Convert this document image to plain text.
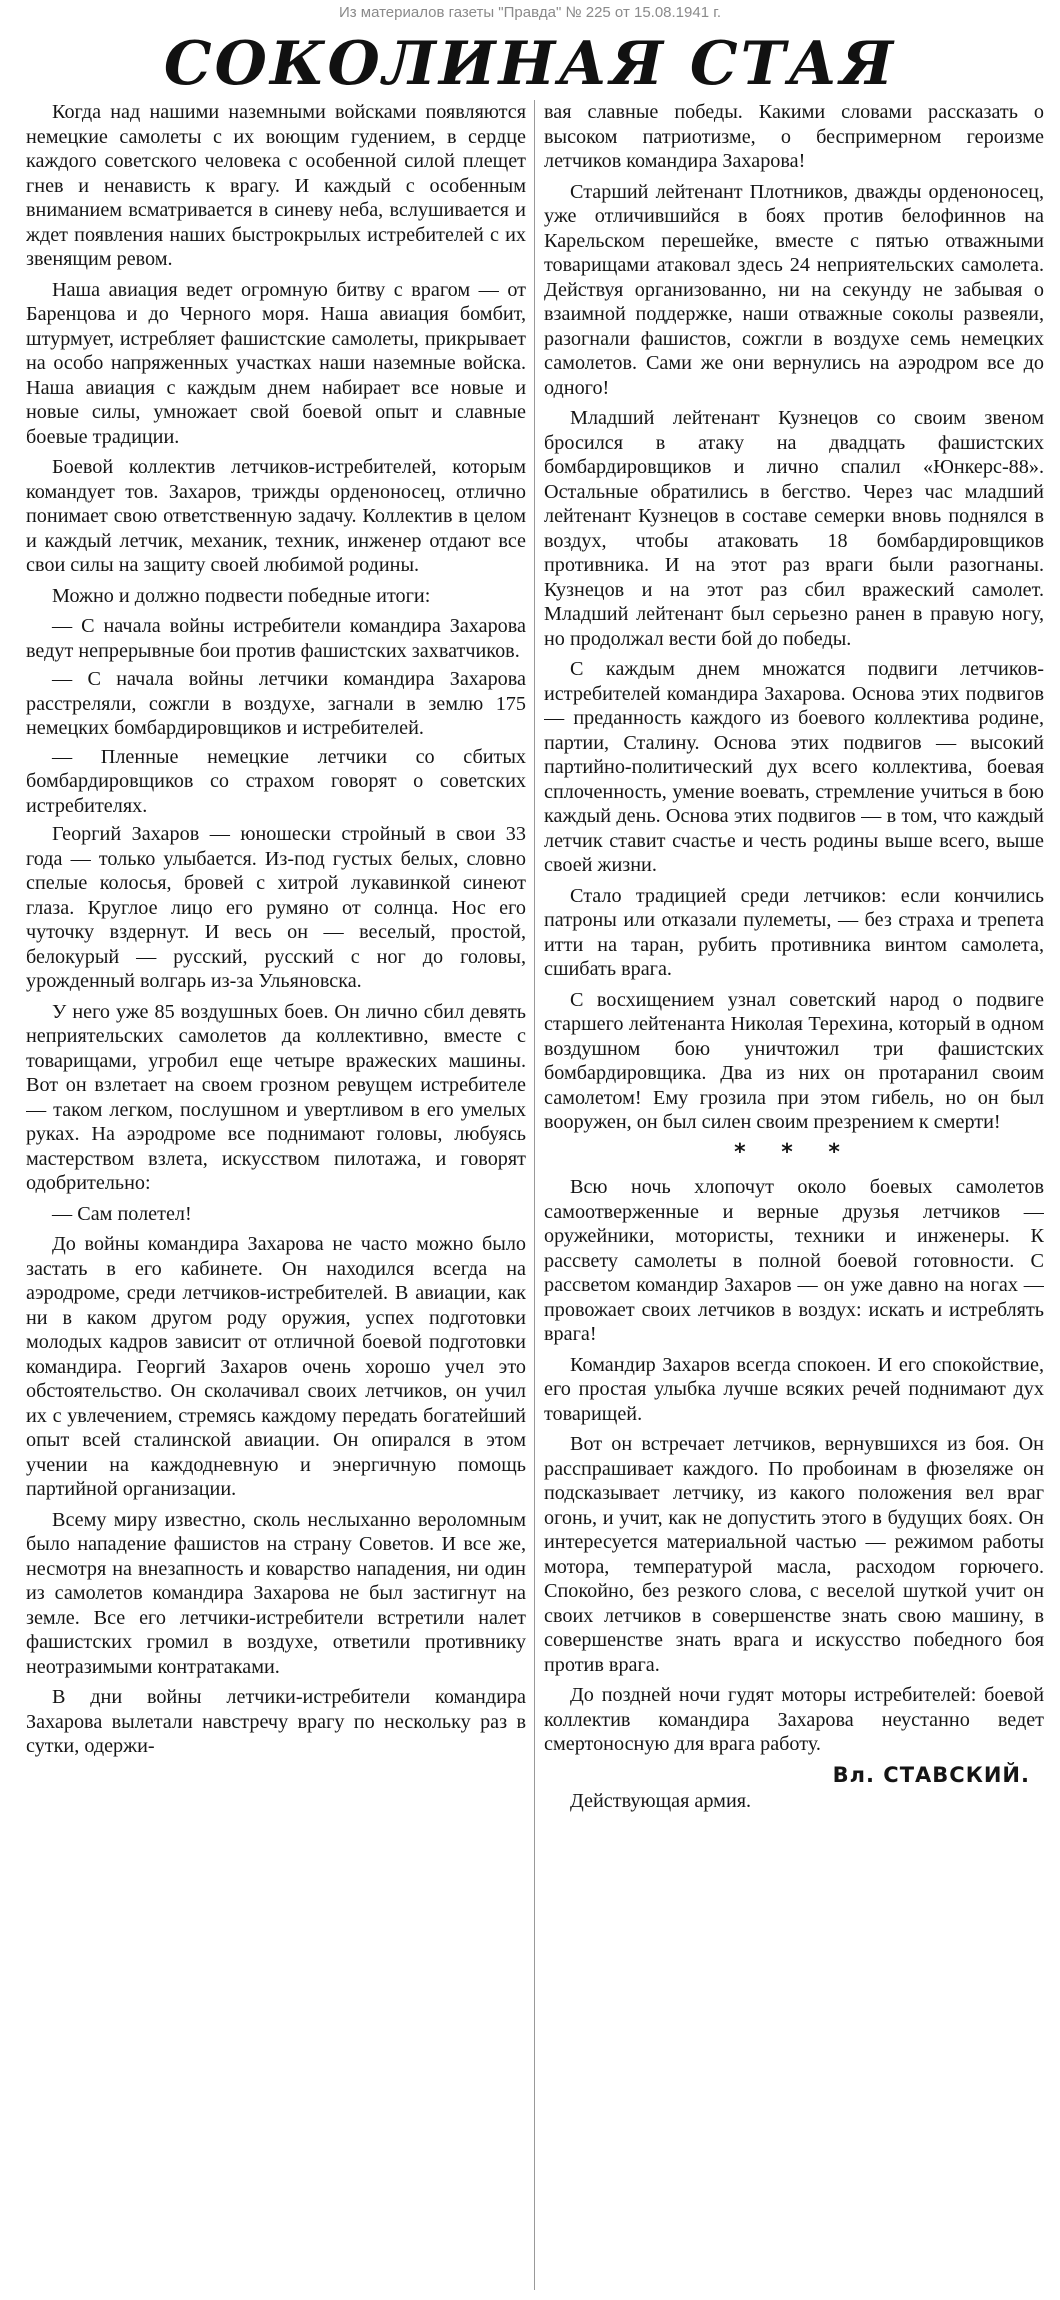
Из материалов газеты "Правда" № 225 от 15.08.1941 г.
СОКОЛИНАЯ СТАЯ

Когда над нашими наземными войсками появляются немецкие самолеты с их воющим гудением, в сердце каждого советского человека с особенной силой плещет гнев и ненависть к врагу. И каждый с особенным вниманием всматривается в синеву неба, вслушивается и ждет появления наших быстрокрылых истребителей с их звенящим ревом.

Наша авиация ведет огромную битву с врагом — от Баренцова и до Черного моря. Наша авиация бомбит, штурмует, истребляет фашистские самолеты, прикрывает на особо напряженных участках наши наземные войска. Наша авиация с каждым днем набирает все новые и новые силы, умножает свой боевой опыт и славные боевые традиции.

Боевой коллектив летчиков-истребителей, которым командует тов. Захаров, трижды орденоносец, отлично понимает свою ответственную задачу. Коллектив в целом и каждый летчик, механик, техник, инженер отдают все свои силы на защиту своей любимой родины.

Можно и должно подвести победные итоги:

— С начала войны истребители командира Захарова ведут непрерывные бои против фашистских захватчиков.

— С начала войны летчики командира Захарова расстреляли, сожгли в воздухе, загнали в землю 175 немецких бомбардировщиков и истребителей.

— Пленные немецкие летчики со сбитых бомбардировщиков со страхом говорят о советских истребителях.

Георгий Захаров — юношески стройный в свои 33 года — только улыбается. Из-под густых белых, словно спелые колосья, бровей с хитрой лукавинкой синеют глаза. Круглое лицо его румяно от солнца. Нос его чуточку вздернут. И весь он — веселый, простой, белокурый — русский, русский с ног до головы, урожденный волгарь из-за Ульяновска.

У него уже 85 воздушных боев. Он лично сбил девять неприятельских самолетов да коллективно, вместе с товарищами, угробил еще четыре вражеских машины. Вот он взлетает на своем грозном ревущем истребителе — таком легком, послушном и увертливом в его умелых руках. На аэродроме все поднимают головы, любуясь мастерством взлета, искусством пилотажа, и говорят одобрительно:

— Сам полетел!

До войны командира Захарова не часто можно было застать в его кабинете. Он находился всегда на аэродроме, среди летчиков-истребителей. В авиации, как ни в каком другом роду оружия, успех подготовки молодых кадров зависит от отличной боевой подготовки командира. Георгий Захаров очень хорошо учел это обстоятельство. Он сколачивал своих летчиков, он учил их с увлечением, стремясь каждому передать богатейший опыт всей сталинской авиации. Он опирался в этом учении на каждодневную и энергичную помощь партийной организации.

Всему миру известно, сколь неслыханно вероломным было нападение фашистов на страну Советов. И все же, несмотря на внезапность и коварство нападения, ни один из самолетов командира Захарова не был застигнут на земле. Все его летчики-истребители встретили налет фашистских громил в воздухе, ответили противнику неотразимыми контратаками.

В дни войны летчики-истребители командира Захарова вылетали навстречу врагу по нескольку раз в сутки, одержи-

вая славные победы. Какими словами рассказать о высоком патриотизме, о беспримерном героизме летчиков командира Захарова!

Старший лейтенант Плотников, дважды орденоносец, уже отличившийся в боях против белофиннов на Карельском перешейке, вместе с пятью отважными товарищами атаковал здесь 24 неприятельских самолета. Действуя организованно, ни на секунду не забывая о взаимной поддержке, наши отважные соколы развеяли, разогнали фашистов, сожгли в воздухе семь немецких самолетов. Сами же они вернулись на аэродром все до одного!

Младший лейтенант Кузнецов со своим звеном бросился в атаку на двадцать фашистских бомбардировщиков и лично спалил «Юнкерс-88». Остальные обратились в бегство. Через час младший лейтенант Кузнецов в составе семерки вновь поднялся в воздух, чтобы атаковать 18 бомбардировщиков противника. И на этот раз враги были разогнаны. Кузнецов и на этот раз сбил вражеский самолет. Младший лейтенант был серьезно ранен в правую ногу, но продолжал вести бой до победы.

С каждым днем множатся подвиги летчиков-истребителей командира Захарова. Основа этих подвигов — преданность каждого из боевого коллектива родине, партии, Сталину. Основа этих подвигов — высокий партийно-политический дух всего коллектива, боевая сплоченность, умение воевать, стремление учиться в бою каждый день. Основа этих подвигов — в том, что каждый летчик ставит счастье и честь родины выше всего, выше своей жизни.

Стало традицией среди летчиков: если кончились патроны или отказали пулеметы, — без страха и трепета итти на таран, рубить противника винтом самолета, сшибать врага.

С восхищением узнал советский народ о подвиге старшего лейтенанта Николая Терехина, который в одном воздушном бою уничтожил три фашистских бомбардировщика. Два из них он протаранил своим самолетом! Ему грозила при этом гибель, но он был вооружен, он был силен своим презрением к смерти!

* * *

Всю ночь хлопочут около боевых самолетов самоотверженные и верные друзья летчиков — оружейники, мотористы, техники и инженеры. К рассвету самолеты в полной боевой готовности. С рассветом командир Захаров — он уже давно на ногах — провожает своих летчиков в воздух: искать и истреблять врага!

Командир Захаров всегда спокоен. И его спокойствие, его простая улыбка лучше всяких речей поднимают дух товарищей.

Вот он встречает летчиков, вернувшихся из боя. Он расспрашивает каждого. По пробоинам в фюзеляже он подсказывает летчику, из какого положения вел враг огонь, и учит, как не допустить этого в будущих боях. Он интересуется материальной частью — режимом работы мотора, температурой масла, расходом горючего. Спокойно, без резкого слова, с веселой шуткой учит он своих летчиков в совершенстве знать свою машину, в совершенстве знать врага и искусство победного боя против врага.

До поздней ночи гудят моторы истребителей: боевой коллектив командира Захарова неустанно ведет смертоносную для врага работу.

Вл. СТАВСКИЙ.

Действующая армия.
